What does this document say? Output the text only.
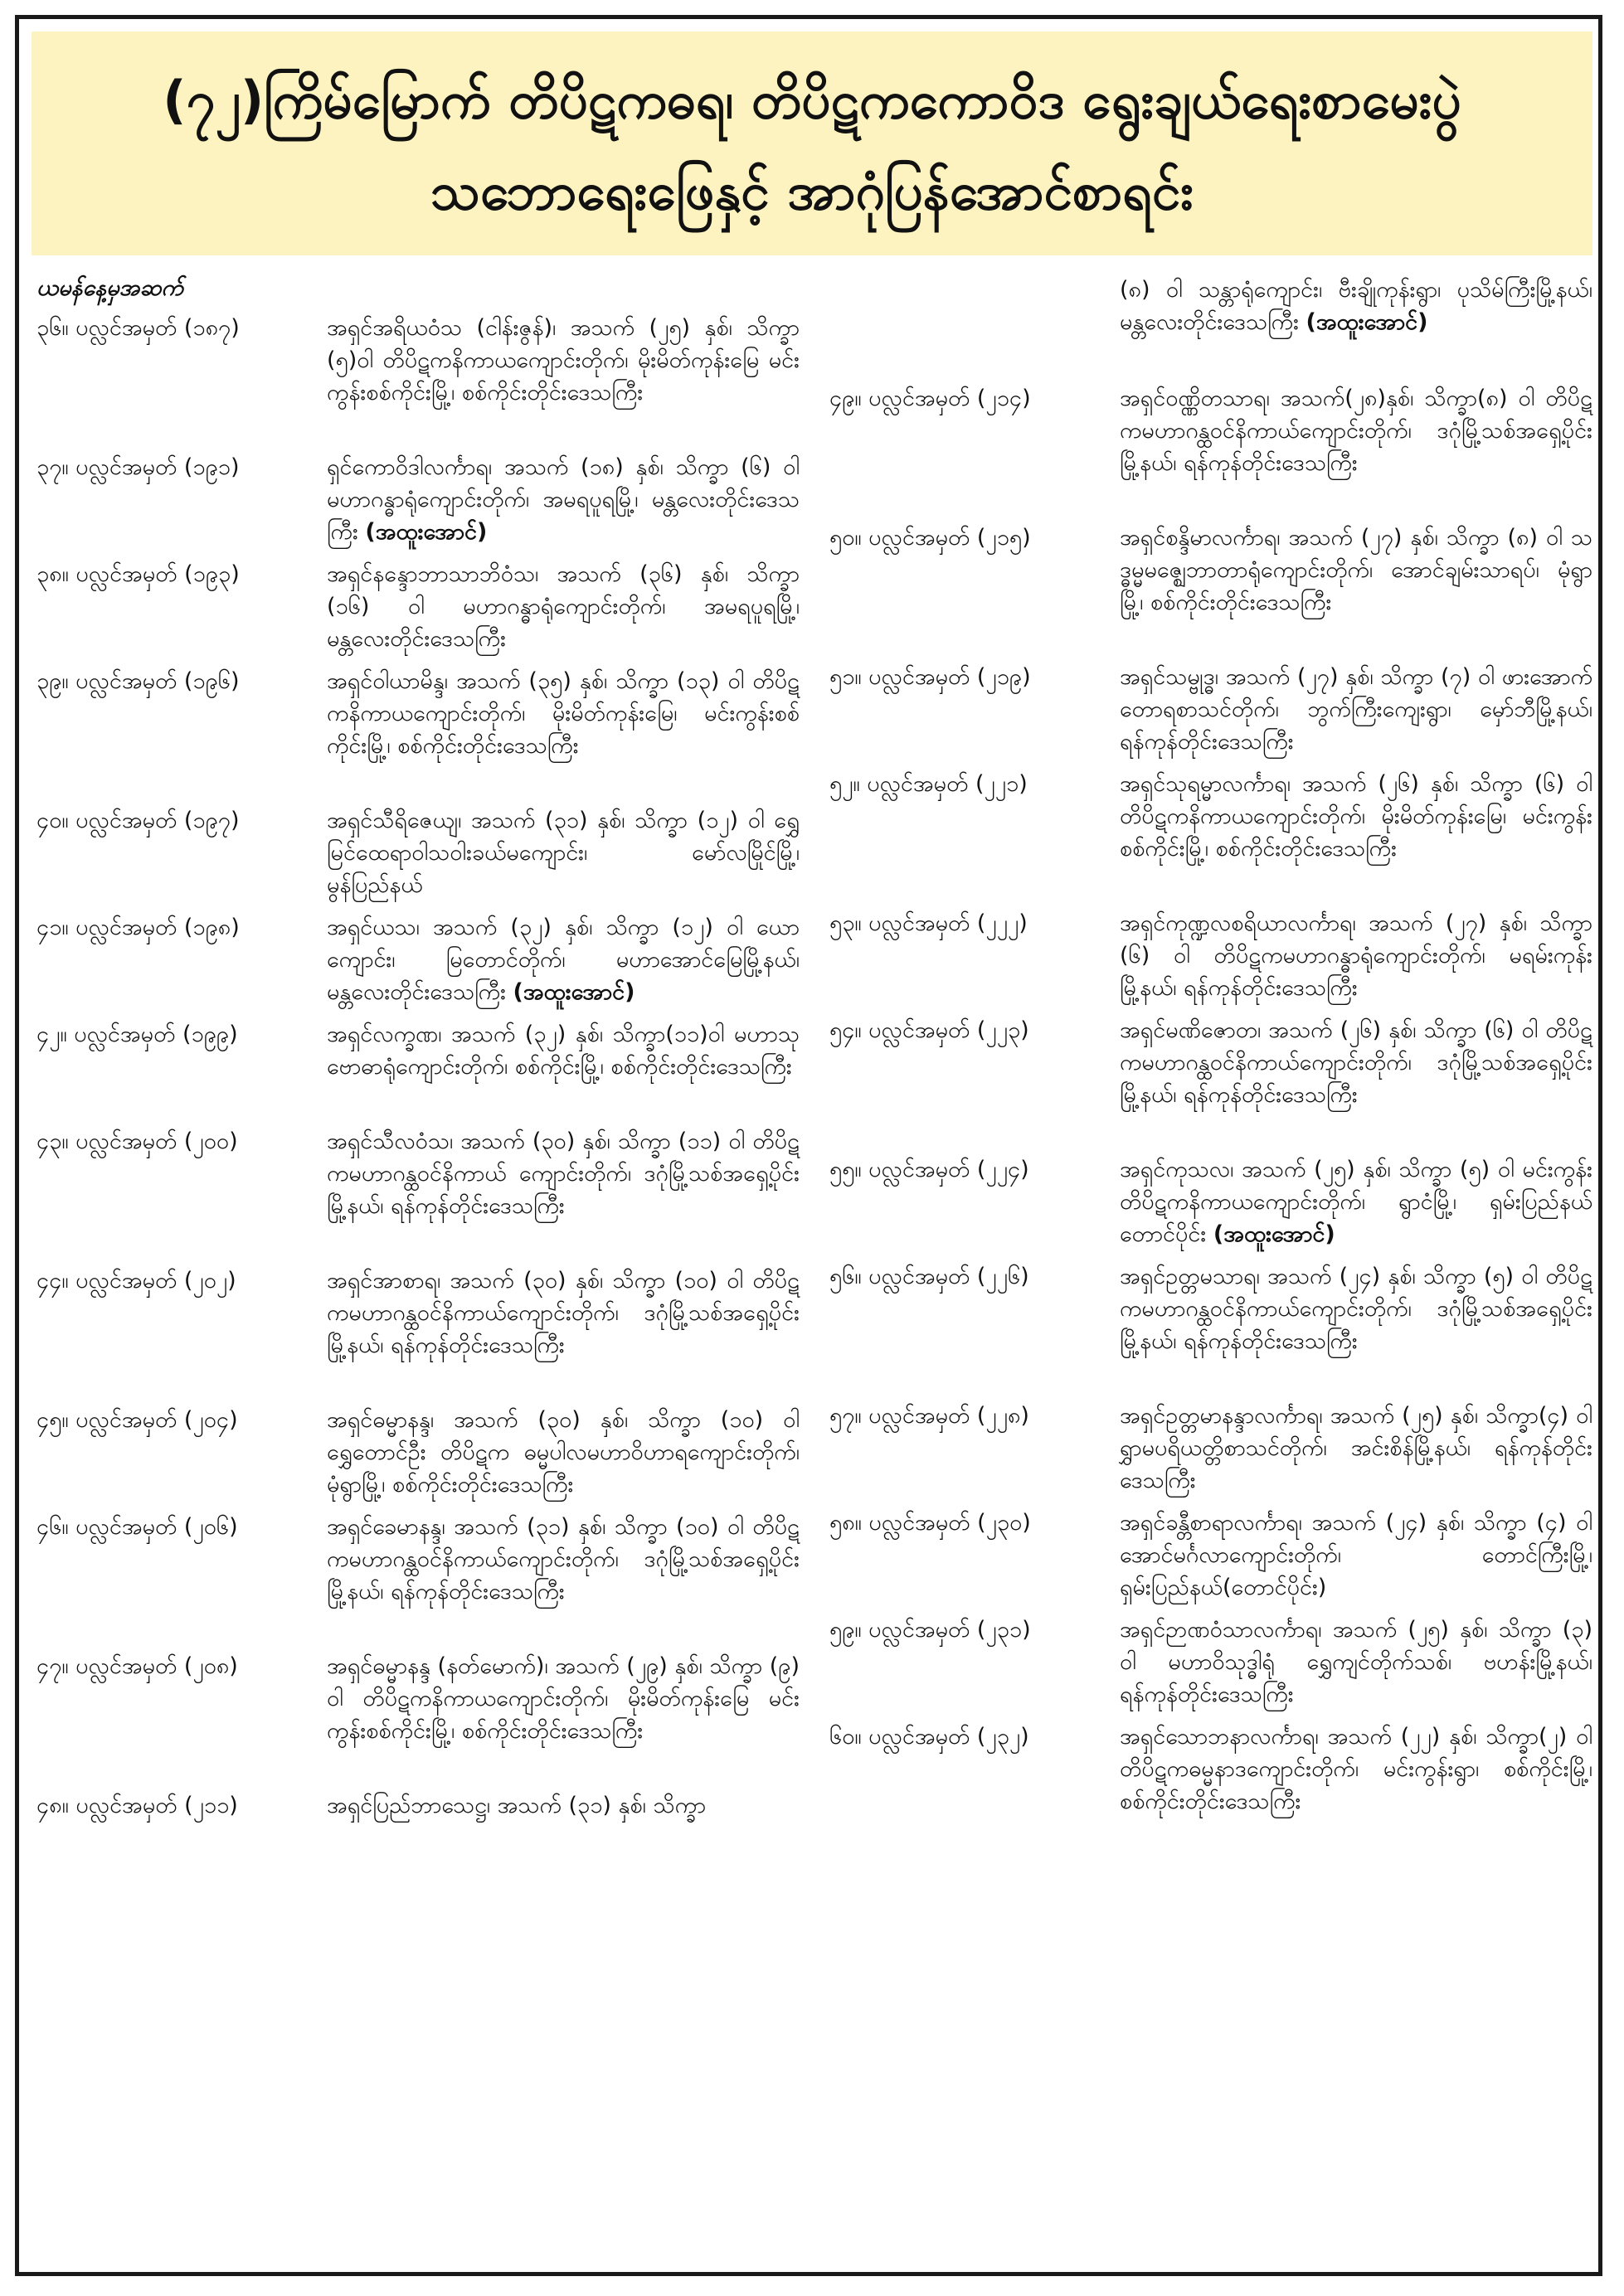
(၇၂)ကြိမ်မြောက် တိပိဋကဓရ၊ တိပိဋကကောဝိဒ ရွေးချယ်ရေးစာမေးပွဲ
သဘောရေးဖြေနှင့် အာဂုံပြန်အောင်စာရင်း
ယမန်နေ့မှအဆက်
၃၆။ ပလ္လင်အမှတ် (၁၈၇)	အရှင်အရိယဝံသ (ငါန်းဇွန်)၊ အသက် (၂၅) နှစ်၊ သိက္ခာ (၅)ဝါ တိပိဋကနိကာယကျောင်းတိုက်၊ မိုးမိတ်ကုန်းမြေ မင်းကွန်းစစ်ကိုင်းမြို့၊ စစ်ကိုင်းတိုင်းဒေသကြီး
၃၇။ ပလ္လင်အမှတ် (၁၉၁)	ရှင်ကောဝိဒါလင်္ကာရ၊ အသက် (၁၈) နှစ်၊ သိက္ခာ (၆) ဝါ မဟာဂန္ဓာရုံကျောင်းတိုက်၊ အမရပူရမြို့၊ မန္တလေးတိုင်းဒေသကြီး (အထူးအောင်)
၃၈။ ပလ္လင်အမှတ် (၁၉၃)	အရှင်နန္ဒောဘာသာဘိဝံသ၊ အသက် (၃၆) နှစ်၊ သိက္ခာ (၁၆) ဝါ မဟာဂန္ဓာရုံကျောင်းတိုက်၊ အမရပူရမြို့၊ မန္တလေးတိုင်းဒေသကြီး
၃၉။ ပလ္လင်အမှတ် (၁၉၆)	အရှင်ဝါယာမိန္ဒ၊ အသက် (၃၅) နှစ်၊ သိက္ခာ (၁၃) ဝါ တိပိဋကနိကာယကျောင်းတိုက်၊ မိုးမိတ်ကုန်းမြေ၊ မင်းကွန်းစစ်ကိုင်းမြို့၊ စစ်ကိုင်းတိုင်းဒေသကြီး
၄၀။ ပလ္လင်အမှတ် (၁၉၇)	အရှင်သီရိဇေယျ၊ အသက် (၃၁) နှစ်၊ သိက္ခာ (၁၂) ဝါ ရွှေမြင်ထေရာဝါသဝါးခယ်မကျောင်း၊ မော်လမြိုင်မြို့၊ မွန်ပြည်နယ်
၄၁။ ပလ္လင်အမှတ် (၁၉၈)	အရှင်ယသ၊ အသက် (၃၂) နှစ်၊ သိက္ခာ (၁၂) ဝါ ယောကျောင်း၊ မြတောင်တိုက်၊ မဟာအောင်မြေမြို့နယ်၊ မန္တလေးတိုင်းဒေသကြီး (အထူးအောင်)
၄၂။ ပလ္လင်အမှတ် (၁၉၉)	အရှင်လက္ခဏ၊ အသက် (၃၂) နှစ်၊ သိက္ခာ(၁၁)ဝါ မဟာသုဗောဓာရုံကျောင်းတိုက်၊ စစ်ကိုင်းမြို့၊ စစ်ကိုင်းတိုင်းဒေသကြီး
၄၃။ ပလ္လင်အမှတ် (၂၀၀)	အရှင်သီလဝံသ၊ အသက် (၃၀) နှစ်၊ သိက္ခာ (၁၁) ဝါ တိပိဋကမဟာဂန္ထဝင်နိကာယ် ကျောင်းတိုက်၊ ဒဂုံမြို့သစ်အရှေ့ပိုင်းမြို့နယ်၊ ရန်ကုန်တိုင်းဒေသကြီး
၄၄။ ပလ္လင်အမှတ် (၂၀၂)	အရှင်အာစာရ၊ အသက် (၃၀) နှစ်၊ သိက္ခာ (၁၀) ဝါ တိပိဋကမဟာဂန္ထဝင်နိကာယ်ကျောင်းတိုက်၊ ဒဂုံမြို့သစ်အရှေ့ပိုင်းမြို့နယ်၊ ရန်ကုန်တိုင်းဒေသကြီး
၄၅။ ပလ္လင်အမှတ် (၂၀၄)	အရှင်ဓမ္မာနန္ဒ၊ အသက် (၃၀) နှစ်၊ သိက္ခာ (၁၀) ဝါ ရွှေတောင်ဦး တိပိဋက ဓမ္မပါလမဟာဝိဟာရကျောင်းတိုက်၊ မုံရွာမြို့၊ စစ်ကိုင်းတိုင်းဒေသကြီး
၄၆။ ပလ္လင်အမှတ် (၂၀၆)	အရှင်ခေမာနန္ဒ၊ အသက် (၃၁) နှစ်၊ သိက္ခာ (၁၀) ဝါ တိပိဋကမဟာဂန္ထဝင်နိကာယ်ကျောင်းတိုက်၊ ဒဂုံမြို့သစ်အရှေ့ပိုင်းမြို့နယ်၊ ရန်ကုန်တိုင်းဒေသကြီး
၄၇။ ပလ္လင်အမှတ် (၂၀၈)	အရှင်ဓမ္မာနန္ဒ (နတ်မောက်)၊ အသက် (၂၉) နှစ်၊ သိက္ခာ (၉) ဝါ တိပိဋကနိကာယကျောင်းတိုက်၊ မိုးမိတ်ကုန်းမြေ မင်းကွန်းစစ်ကိုင်းမြို့၊ စစ်ကိုင်းတိုင်းဒေသကြီး
၄၈။ ပလ္လင်အမှတ် (၂၁၁)	အရှင်ပြည်ဘာသေဋ္ဌ၊ အသက် (၃၁) နှစ်၊ သိက္ခာ
(၈) ဝါ သန္တာရုံကျောင်း၊ ဗီးချိုကုန်းရွာ၊ ပုသိမ်ကြီးမြို့နယ်၊ မန္တလေးတိုင်းဒေသကြီး (အထူးအောင်)
၄၉။ ပလ္လင်အမှတ် (၂၁၄)	အရှင်ဝဏ္ဏိတသာရ၊ အသက်(၂၈)နှစ်၊ သိက္ခာ(၈) ဝါ တိပိဋကမဟာဂန္ထဝင်နိကာယ်ကျောင်းတိုက်၊ ဒဂုံမြို့သစ်အရှေ့ပိုင်းမြို့နယ်၊ ရန်ကုန်တိုင်းဒေသကြီး
၅၀။ ပလ္လင်အမှတ် (၂၁၅)	အရှင်စန္ဒိမာလင်္ကာရ၊ အသက် (၂၇) နှစ်၊ သိက္ခာ (၈) ဝါ သဒ္ဓမ္မမဇ္ဈေဘာတာရုံကျောင်းတိုက်၊ အောင်ချမ်းသာရပ်၊ မုံရွာမြို့၊ စစ်ကိုင်းတိုင်းဒေသကြီး
၅၁။ ပလ္လင်အမှတ် (၂၁၉)	အရှင်သမ္ဗုဒ္ဓ၊ အသက် (၂၇) နှစ်၊ သိက္ခာ (၇) ဝါ ဖားအောက်တောရစာသင်တိုက်၊ ဘွက်ကြီးကျေးရွာ၊ မှော်ဘီမြို့နယ်၊ ရန်ကုန်တိုင်းဒေသကြီး
၅၂။ ပလ္လင်အမှတ် (၂၂၁)	အရှင်သုရမ္မာလင်္ကာရ၊ အသက် (၂၆) နှစ်၊ သိက္ခာ (၆) ဝါ တိပိဋကနိကာယကျောင်းတိုက်၊ မိုးမိတ်ကုန်းမြေ၊ မင်းကွန်းစစ်ကိုင်းမြို့၊ စစ်ကိုင်းတိုင်းဒေသကြီး
၅၃။ ပလ္လင်အမှတ် (၂၂၂)	အရှင်ကုဏ္ဍလစရိယာလင်္ကာရ၊ အသက် (၂၇) နှစ်၊ သိက္ခာ (၆) ဝါ တိပိဋကမဟာဂန္ဓာရုံကျောင်းတိုက်၊ မရမ်းကုန်းမြို့နယ်၊ ရန်ကုန်တိုင်းဒေသကြီး
၅၄။ ပလ္လင်အမှတ် (၂၂၃)	အရှင်မဏိဇောတ၊ အသက် (၂၆) နှစ်၊ သိက္ခာ (၆) ဝါ တိပိဋကမဟာဂန္ထဝင်နိကာယ်ကျောင်းတိုက်၊ ဒဂုံမြို့သစ်အရှေ့ပိုင်းမြို့နယ်၊ ရန်ကုန်တိုင်းဒေသကြီး
၅၅။ ပလ္လင်အမှတ် (၂၂၄)	အရှင်ကုသလ၊ အသက် (၂၅) နှစ်၊ သိက္ခာ (၅) ဝါ မင်းကွန်းတိပိဋကနိကာယကျောင်းတိုက်၊ ရွာငံမြို့၊ ရှမ်းပြည်နယ်တောင်ပိုင်း (အထူးအောင်)
၅၆။ ပလ္လင်အမှတ် (၂၂၆)	အရှင်ဥတ္တမသာရ၊ အသက် (၂၄) နှစ်၊ သိက္ခာ (၅) ဝါ တိပိဋကမဟာဂန္ထဝင်နိကာယ်ကျောင်းတိုက်၊ ဒဂုံမြို့သစ်အရှေ့ပိုင်းမြို့နယ်၊ ရန်ကုန်တိုင်းဒေသကြီး
၅၇။ ပလ္လင်အမှတ် (၂၂၈)	အရှင်ဥတ္တမာနန္ဒာလင်္ကာရ၊ အသက် (၂၅) နှစ်၊ သိက္ခာ(၄) ဝါ ရွှာမပရိယတ္တိစာသင်တိုက်၊ အင်းစိန်မြို့နယ်၊ ရန်ကုန်တိုင်းဒေသကြီး
၅၈။ ပလ္လင်အမှတ် (၂၃၀)	အရှင်ခန္တီစာရာလင်္ကာရ၊ အသက် (၂၄) နှစ်၊ သိက္ခာ (၄) ဝါ အောင်မင်္ဂလာကျောင်းတိုက်၊ တောင်ကြီးမြို့၊ ရှမ်းပြည်နယ်(တောင်ပိုင်း)
၅၉။ ပလ္လင်အမှတ် (၂၃၁)	အရှင်ဉာဏဝံသာလင်္ကာရ၊ အသက် (၂၅) နှစ်၊ သိက္ခာ (၃) ဝါ မဟာဝိသုဒ္ဓါရုံ ရွှေကျင်တိုက်သစ်၊ ဗဟန်းမြို့နယ်၊ ရန်ကုန်တိုင်းဒေသကြီး
၆၀။ ပလ္လင်အမှတ် (၂၃၂)	အရှင်သောဘနာလင်္ကာရ၊ အသက် (၂၂) နှစ်၊ သိက္ခာ(၂) ဝါ တိပိဋကဓမ္မနာဒကျောင်းတိုက်၊ မင်းကွန်းရွာ၊ စစ်ကိုင်းမြို့၊ စစ်ကိုင်းတိုင်းဒေသကြီး
